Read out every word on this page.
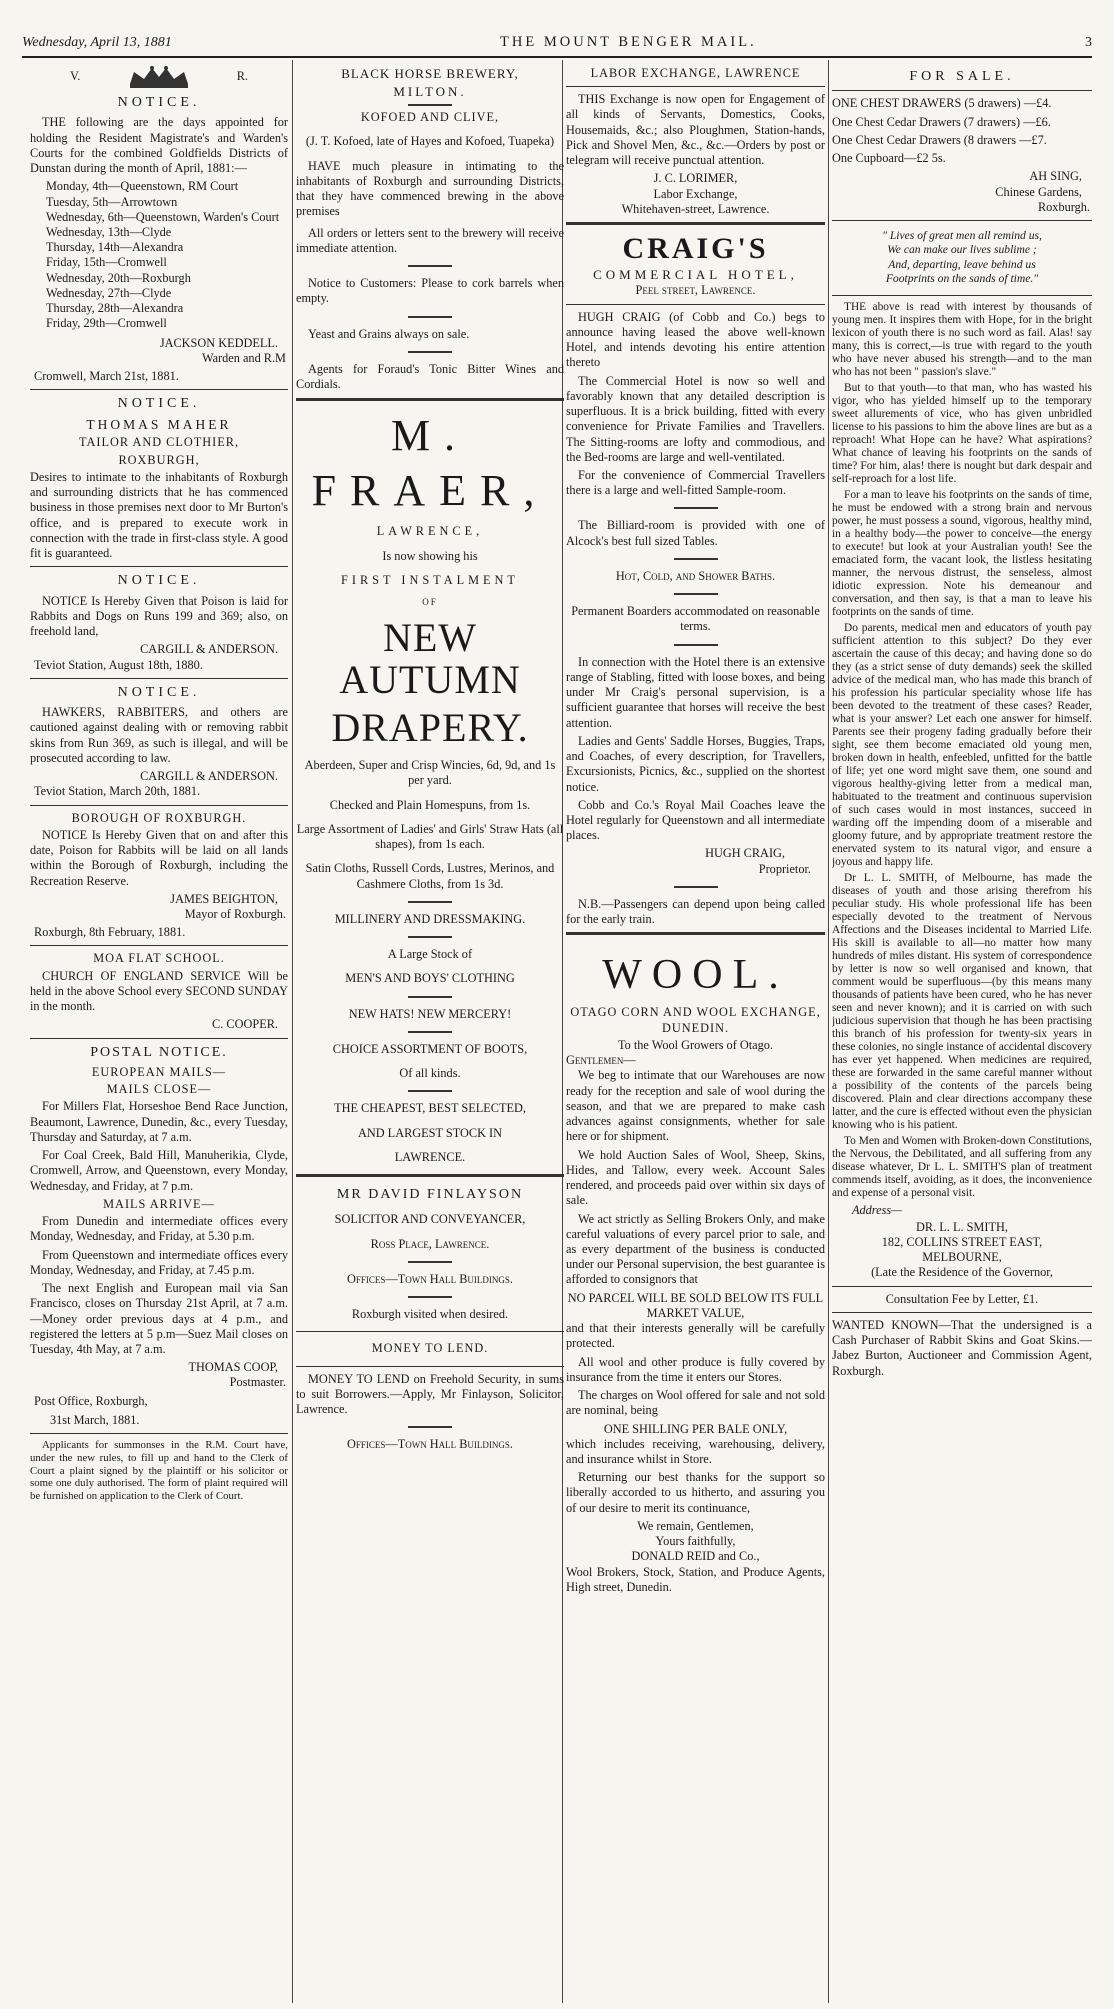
Wednesday, April 13, 1881	THE MOUNT BENGER MAIL.	3
V.	R.
NOTICE.

THE following are the days appointed for holding the Resident Magistrate's and Warden's Courts for the combined Goldfields Districts of Dunstan during the month of April, 1881:—

Monday, 4th—Queenstown, RM Court
Tuesday, 5th—Arrowtown
Wednesday, 6th—Queenstown, Warden's Court
Wednesday, 13th—Clyde
Thursday, 14th—Alexandra
Friday, 15th—Cromwell
Wednesday, 20th—Roxburgh
Wednesday, 27th—Clyde
Thursday, 28th—Alexandra
Friday, 29th—Cromwell
JACKSON KEDDELL.
Warden and R.M
Cromwell, March 21st, 1881.
NOTICE.
THOMAS MAHER
TAILOR AND CLOTHIER,
ROXBURGH,

Desires to intimate to the inhabitants of Roxburgh and surrounding districts that he has commenced business in those premises next door to Mr Burton's office, and is prepared to execute work in connection with the trade in first-class style. A good fit is guaranteed.

NOTICE.

NOTICE Is Hereby Given that Poison is laid for Rabbits and Dogs on Runs 199 and 369; also, on freehold land,

CARGILL & ANDERSON.
Teviot Station, August 18th, 1880.
NOTICE.

HAWKERS, RABBITERS, and others are cautioned against dealing with or removing rabbit skins from Run 369, as such is illegal, and will be prosecuted according to law.

CARGILL & ANDERSON.
Teviot Station, March 20th, 1881.
BOROUGH OF ROXBURGH.

NOTICE Is Hereby Given that on and after this date, Poison for Rabbits will be laid on all lands within the Borough of Roxburgh, including the Recreation Reserve.

JAMES BEIGHTON,
Mayor of Roxburgh.
Roxburgh, 8th February, 1881.
MOA FLAT SCHOOL.

CHURCH OF ENGLAND SERVICE Will be held in the above School every SECOND SUNDAY in the month.

C. COOPER.
POSTAL NOTICE.
EUROPEAN MAILS—
MAILS CLOSE—

For Millers Flat, Horseshoe Bend Race Junction, Beaumont, Lawrence, Dunedin, &c., every Tuesday, Thursday and Saturday, at 7 a.m.

For Coal Creek, Bald Hill, Manuherikia, Clyde, Cromwell, Arrow, and Queenstown, every Monday, Wednesday, and Friday, at 7 p.m.

MAILS ARRIVE—

From Dunedin and intermediate offices every Monday, Wednesday, and Friday, at 5.30 p.m.

From Queenstown and intermediate offices every Monday, Wednesday, and Friday, at 7.45 p.m.

The next English and European mail via San Francisco, closes on Thursday 21st April, at 7 a.m.—Money order previous days at 4 p.m., and registered the letters at 5 p.m—Suez Mail closes on Tuesday, 4th May, at 7 a.m.

THOMAS COOP,
Postmaster.
Post Office, Roxburgh,
31st March, 1881.

Applicants for summonses in the R.M. Court have, under the new rules, to fill up and hand to the Clerk of Court a plaint signed by the plaintiff or his solicitor or some one duly authorised. The form of plaint required will be furnished on application to the Clerk of Court.

BLACK HORSE BREWERY,
MILTON.
KOFOED AND CLIVE,
(J. T. Kofoed, late of Hayes and Kofoed, Tuapeka)

HAVE much pleasure in intimating to the inhabitants of Roxburgh and surrounding Districts, that they have commenced brewing in the above premises

All orders or letters sent to the brewery will receive immediate attention.

Notice to Customers: Please to cork barrels when empty.

Yeast and Grains always on sale.

Agents for Foraud's Tonic Bitter Wines and Cordials.

M. FRAER,
LAWRENCE,
Is now showing his
FIRST INSTALMENT
OF
NEW AUTUMN
DRAPERY.
Aberdeen, Super and Crisp Wincies, 6d, 9d, and 1s per yard.
Checked and Plain Homespuns, from 1s.
Large Assortment of Ladies' and Girls' Straw Hats (all shapes), from 1s each.
Satin Cloths, Russell Cords, Lustres, Merinos, and Cashmere Cloths, from 1s 3d.
MILLINERY AND DRESSMAKING.
A Large Stock of
MEN'S AND BOYS' CLOTHING
NEW HATS! NEW MERCERY!
CHOICE ASSORTMENT OF BOOTS,
Of all kinds.
THE CHEAPEST, BEST SELECTED,
AND LARGEST STOCK IN
LAWRENCE.
MR DAVID FINLAYSON
SOLICITOR AND CONVEYANCER,
Ross Place, Lawrence.
Offices—Town Hall Buildings.
Roxburgh visited when desired.
MONEY TO LEND.

MONEY TO LEND on Freehold Security, in sums to suit Borrowers.—Apply, Mr Finlayson, Solicitor, Lawrence.

Offices—Town Hall Buildings.
LABOR EXCHANGE, LAWRENCE

THIS Exchange is now open for Engagement of all kinds of Servants, Domestics, Cooks, Housemaids, &c.; also Ploughmen, Station-hands, Pick and Shovel Men, &c., &c.—Orders by post or telegram will receive punctual attention.

J. C. LORIMER,
Labor Exchange,
Whitehaven-street, Lawrence.
CRAIG'S
COMMERCIAL HOTEL,
Peel street, Lawrence.

HUGH CRAIG (of Cobb and Co.) begs to announce having leased the above well-known Hotel, and intends devoting his entire attention thereto

The Commercial Hotel is now so well and favorably known that any detailed description is superfluous. It is a brick building, fitted with every convenience for Private Families and Travellers. The Sitting-rooms are lofty and commodious, and the Bed-rooms are large and well-ventilated.

For the convenience of Commercial Travellers there is a large and well-fitted Sample-room.

The Billiard-room is provided with one of Alcock's best full sized Tables.

Hot, Cold, and Shower Baths.

Permanent Boarders accommodated on reasonable terms.

In connection with the Hotel there is an extensive range of Stabling, fitted with loose boxes, and being under Mr Craig's personal supervision, is a sufficient guarantee that horses will receive the best attention.

Ladies and Gents' Saddle Horses, Buggies, Traps, and Coaches, of every description, for Travellers, Excursionists, Picnics, &c., supplied on the shortest notice.

Cobb and Co.'s Royal Mail Coaches leave the Hotel regularly for Queenstown and all intermediate places.

HUGH CRAIG,
Proprietor.

N.B.—Passengers can depend upon being called for the early train.

WOOL.
OTAGO CORN AND WOOL EXCHANGE, DUNEDIN.
To the Wool Growers of Otago.
Gentlemen—

We beg to intimate that our Warehouses are now ready for the reception and sale of wool during the season, and that we are prepared to make cash advances against consignments, whether for sale here or for shipment.

We hold Auction Sales of Wool, Sheep, Skins, Hides, and Tallow, every week. Account Sales rendered, and proceeds paid over within six days of sale.

We act strictly as Selling Brokers Only, and make careful valuations of every parcel prior to sale, and as every department of the business is conducted under our Personal supervision, the best guarantee is afforded to consignors that

NO PARCEL WILL BE SOLD BELOW ITS FULL MARKET VALUE,

and that their interests generally will be carefully protected.

All wool and other produce is fully covered by insurance from the time it enters our Stores.

The charges on Wool offered for sale and not sold are nominal, being

ONE SHILLING PER BALE ONLY,

which includes receiving, warehousing, delivery, and insurance whilst in Store.

Returning our best thanks for the support so liberally accorded to us hitherto, and assuring you of our desire to merit its continuance,

We remain, Gentlemen,
Yours faithfully,
DONALD REID and Co.,

Wool Brokers, Stock, Station, and Produce Agents, High street, Dunedin.

FOR SALE.

ONE CHEST DRAWERS (5 drawers) —£4.

One Chest Cedar Drawers (7 drawers) —£6.

One Chest Cedar Drawers (8 drawers —£7.

One Cupboard—£2 5s.

AH SING,
Chinese Gardens,
Roxburgh.
" Lives of great men all remind us,
We can make our lives sublime ;
And, departing, leave behind us
Footprints on the sands of time."

THE above is read with interest by thousands of young men. It inspires them with Hope, for in the bright lexicon of youth there is no such word as fail. Alas! say many, this is correct,—is true with regard to the youth who have never abused his strength—and to the man who has not been " passion's slave."

But to that youth—to that man, who has wasted his vigor, who has yielded himself up to the temporary sweet allurements of vice, who has given unbridled license to his passions to him the above lines are but as a reproach! What Hope can he have? What aspirations? What chance of leaving his footprints on the sands of time? For him, alas! there is nought but dark despair and self-reproach for a lost life.

For a man to leave his footprints on the sands of time, he must be endowed with a strong brain and nervous power, he must possess a sound, vigorous, healthy mind, in a healthy body—the power to conceive—the energy to execute! but look at your Australian youth! See the emaciated form, the vacant look, the listless hesitating manner, the nervous distrust, the senseless, almost idiotic expression. Note his demeanour and conversation, and then say, is that a man to leave his footprints on the sands of time.

Do parents, medical men and educators of youth pay sufficient attention to this subject? Do they ever ascertain the cause of this decay; and having done so do they (as a strict sense of duty demands) seek the skilled advice of the medical man, who has made this branch of his profession his particular speciality whose life has been devoted to the treatment of these cases? Reader, what is your answer? Let each one answer for himself. Parents see their progeny fading gradually before their sight, see them become emaciated old young men, broken down in health, enfeebled, unfitted for the battle of life; yet one word might save them, one sound and vigorous healthy-giving letter from a medical man, habituated to the treatment and continuous supervision of such cases would in most instances, succeed in warding off the impending doom of a miserable and gloomy future, and by appropriate treatment restore the enervated system to its natural vigor, and ensure a joyous and happy life.

Dr L. L. SMITH, of Melbourne, has made the diseases of youth and those arising therefrom his peculiar study. His whole professional life has been especially devoted to the treatment of Nervous Affections and the Diseases incidental to Married Life. His skill is available to all—no matter how many hundreds of miles distant. His system of correspondence by letter is now so well organised and known, that comment would be superfluous—(by this means many thousands of patients have been cured, who he has never seen and never known); and it is carried on with such judicious supervision that though he has been practising this branch of his profession for twenty-six years in these colonies, no single instance of accidental discovery has ever yet happened. When medicines are required, these are forwarded in the same careful manner without a possibility of the contents of the parcels being discovered. Plain and clear directions accompany these latter, and the cure is effected without even the physician knowing who is his patient.

To Men and Women with Broken-down Constitutions, the Nervous, the Debilitated, and all suffering from any disease whatever, Dr L. L. SMITH'S plan of treatment commends itself, avoiding, as it does, the inconvenience and expense of a personal visit.

Address—
DR. L. L. SMITH,
182, COLLINS STREET EAST,
MELBOURNE,
(Late the Residence of the Governor,
Consultation Fee by Letter, £1.

WANTED KNOWN—That the undersigned is a Cash Purchaser of Rabbit Skins and Goat Skins.—Jabez Burton, Auctioneer and Commission Agent, Roxburgh.
